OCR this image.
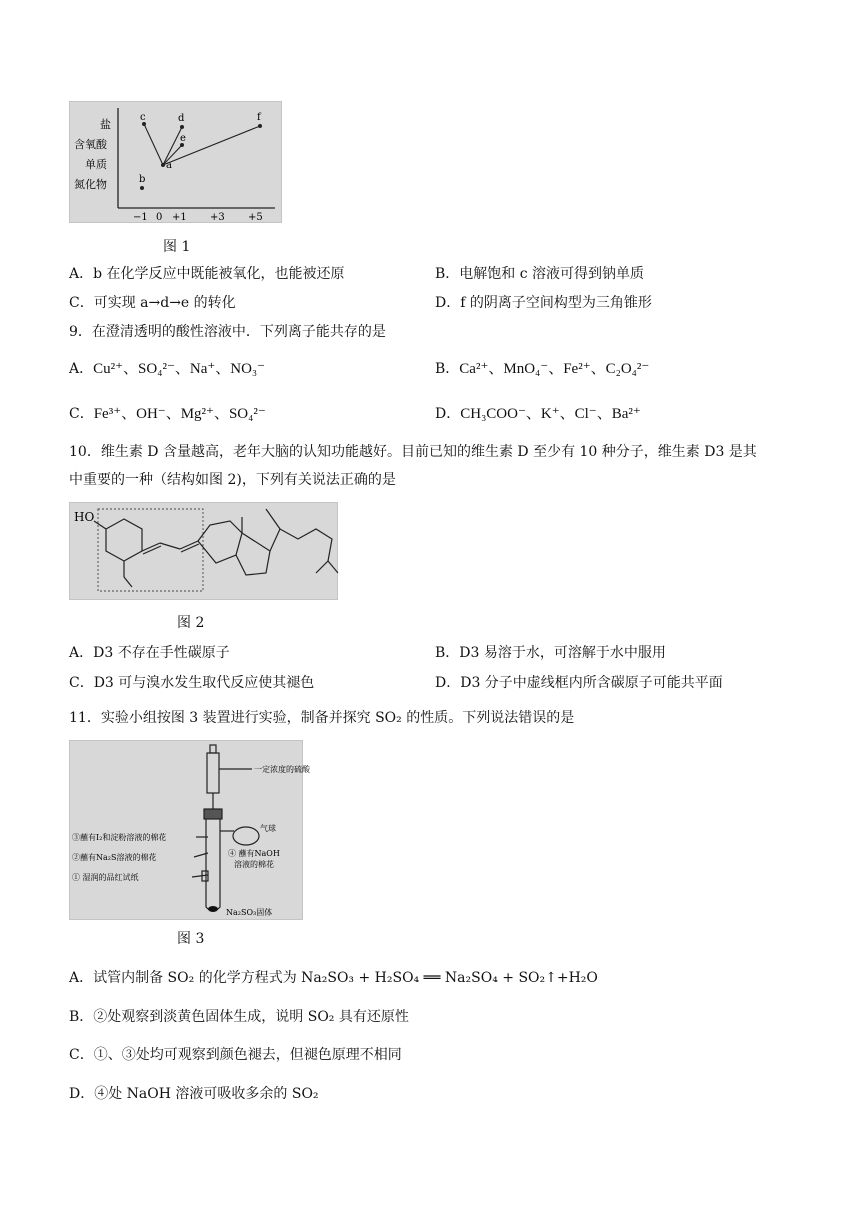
盐
含氧酸
单质
氮化物
−1 0 +1 +3 +5
a
b
c	d
e
f
图 1
A．b 在化学反应中既能被氧化，也能被还原	B．电解饱和 c 溶液可得到钠单质
C．可实现 a→d→e 的转化	D．f 的阴离子空间构型为三角锥形
9．在澄清透明的酸性溶液中．下列离子能共存的是
A．Cu²⁺、SO₄²⁻、Na⁺、NO₃⁻	B．Ca²⁺、MnO₄⁻、Fe²⁺、C₂O₄²⁻
C．Fe³⁺、OH⁻、Mg²⁺、SO₄²⁻	D．CH₃COO⁻、K⁺、Cl⁻、Ba²⁺
10．维生素 D 含量越高，老年大脑的认知功能越好。目前已知的维生素 D 至少有 10 种分子，维生素 D3 是其
中重要的一种（结构如图 2)，下列有关说法正确的是
HO
图 2
A．D3 不存在手性碳原子	B．D3 易溶于水，可溶解于水中服用
C．D3 可与溴水发生取代反应使其褪色	D．D3 分子中虚线框内所含碳原子可能共平面
11．实验小组按图 3 装置进行实验，制备并探究 SO₂ 的性质。下列说法错误的是
一定浓度的硫酸
气球
③蘸有I₂和淀粉溶液的棉花
②蘸有Na₂S溶液的棉花
① 湿润的品红试纸
④ 蘸有NaOH
溶液的棉花
Na₂SO₃固体
图 3
A．试管内制备 SO₂ 的化学方程式为 Na₂SO₃ + H₂SO₄ ══ Na₂SO₄ + SO₂↑+H₂O
B．②处观察到淡黄色固体生成，说明 SO₂ 具有还原性
C．①、③处均可观察到颜色褪去，但褪色原理不相同
D．④处 NaOH 溶液可吸收多余的 SO₂
